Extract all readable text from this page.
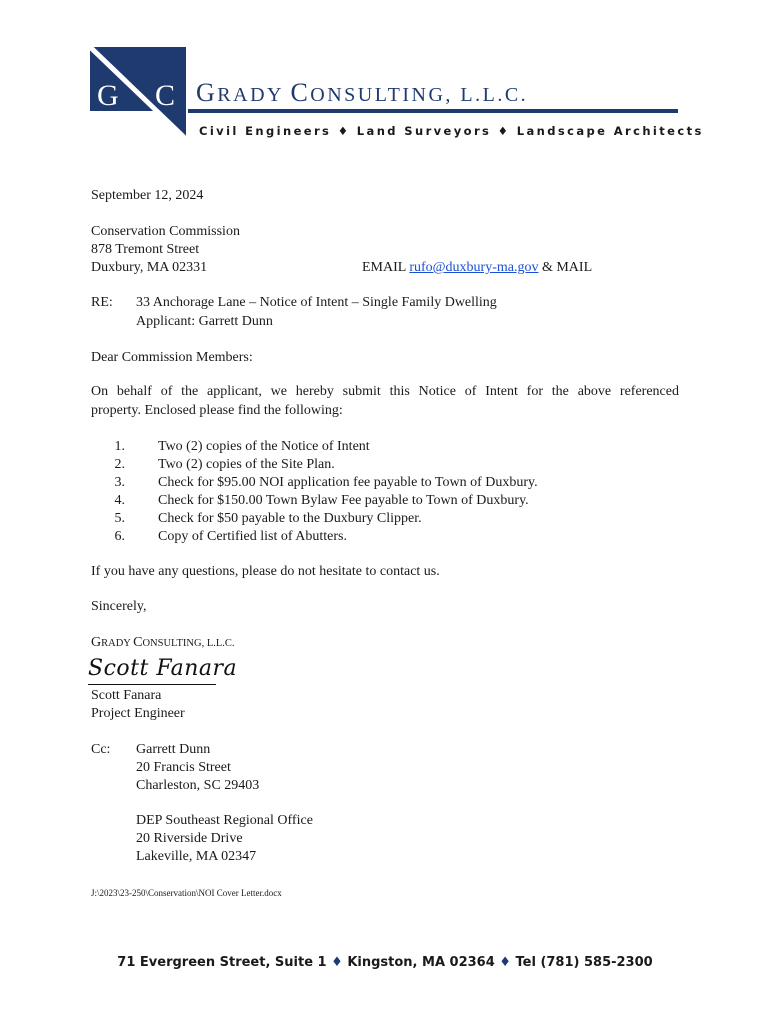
G C GRADY CONSULTING, L.L.C.
Civil Engineers ♦ Land Surveyors ♦ Landscape Architects
September 12, 2024
Conservation Commission
878 Tremont Street
Duxbury, MA 02331	EMAIL rufo@duxbury-ma.gov & MAIL
RE: 33 Anchorage Lane – Notice of Intent – Single Family Dwelling
Applicant: Garrett Dunn
Dear Commission Members:
On behalf of the applicant, we hereby submit this Notice of Intent for the above referenced
property. Enclosed please find the following:
1. Two (2) copies of the Notice of Intent
2. Two (2) copies of the Site Plan.
3. Check for $95.00 NOI application fee payable to Town of Duxbury.
4. Check for $150.00 Town Bylaw Fee payable to Town of Duxbury.
5. Check for $50 payable to the Duxbury Clipper.
6. Copy of Certified list of Abutters.
If you have any questions, please do not hesitate to contact us.
Sincerely,
GRADY CONSULTING, L.L.C.
Scott Fanara
Scott Fanara
Project Engineer
Cc: Garrett Dunn
20 Francis Street
Charleston, SC 29403
DEP Southeast Regional Office
20 Riverside Drive
Lakeville, MA 02347
J:\2023\23-250\Conservation\NOI Cover Letter.docx
71 Evergreen Street, Suite 1 ♦ Kingston, MA 02364 ♦ Tel (781) 585-2300
